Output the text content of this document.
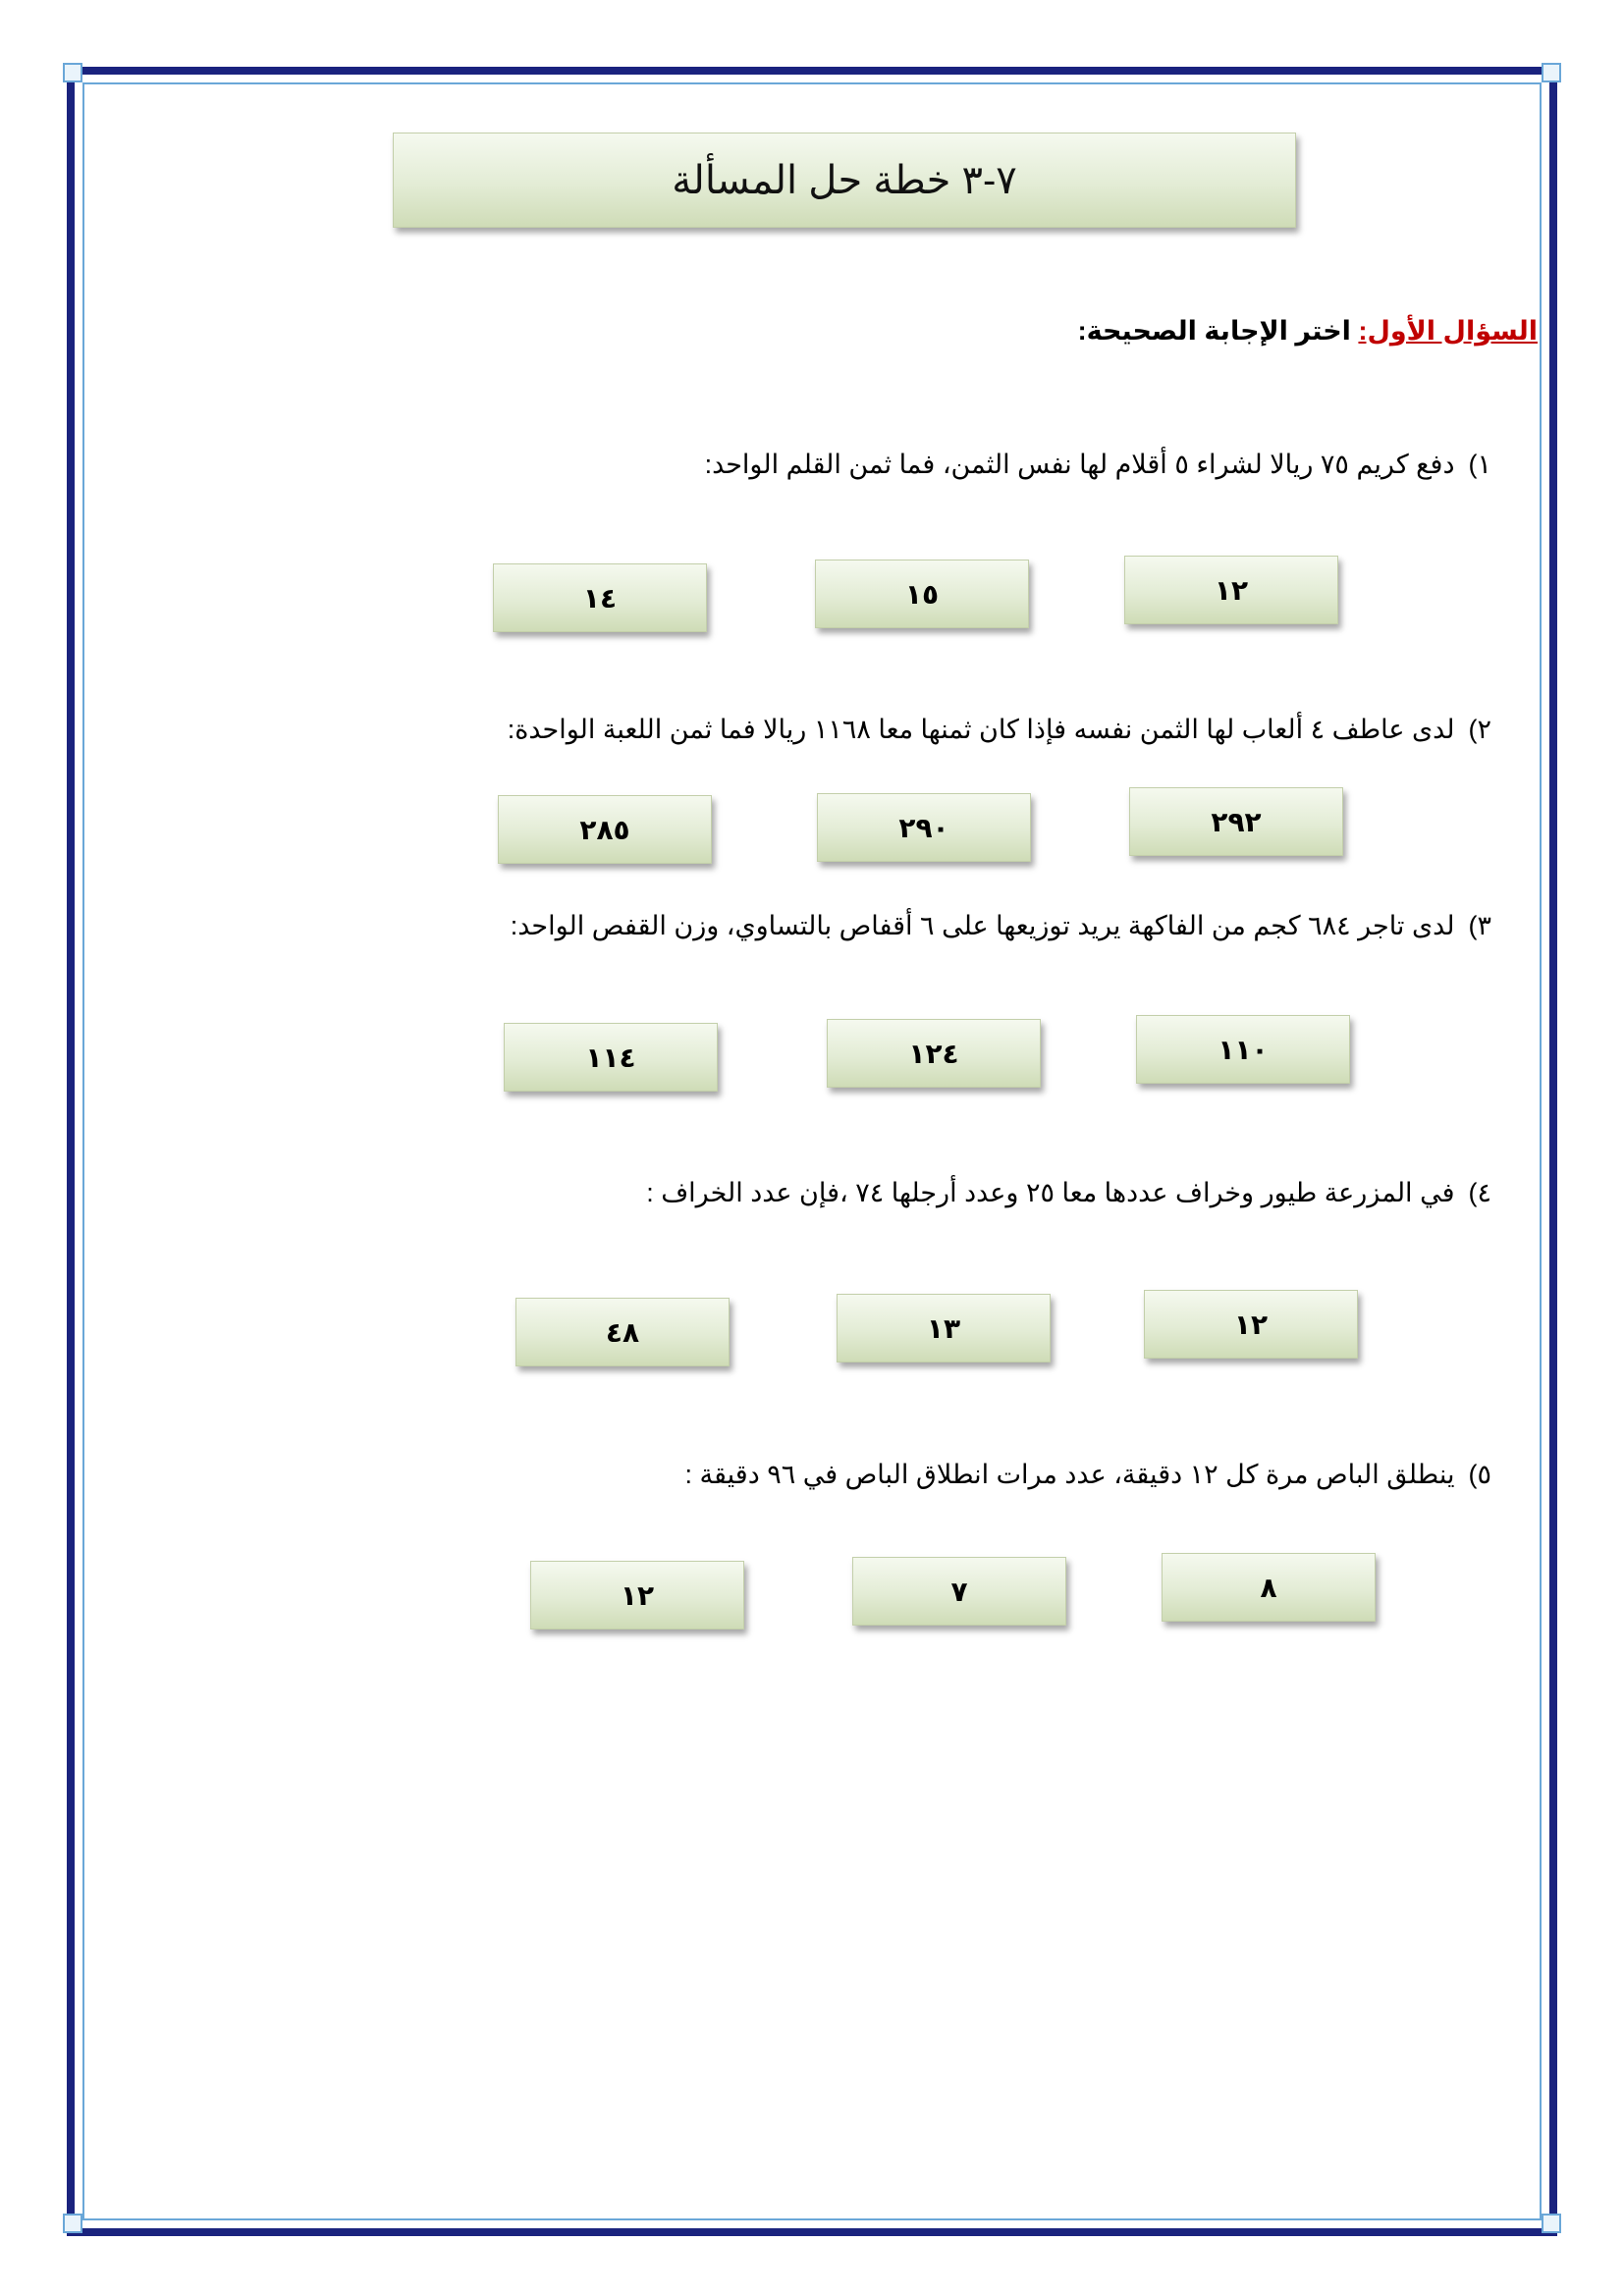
٧-٣ خطة حل المسألة
السؤال الأول: اختر الإجابة الصحيحة:
١)دفع كريم ٧٥ ريالا لشراء ٥ أقلام لها نفس الثمن، فما ثمن القلم الواحد:
١٢
١٥
١٤
٢)لدى عاطف ٤ ألعاب لها الثمن نفسه فإذا كان ثمنها معا ١١٦٨ ريالا فما ثمن اللعبة الواحدة:
٢٩٢
٢٩٠
٢٨٥
٣)لدى تاجر ٦٨٤ كجم من الفاكهة يريد توزيعها على ٦ أقفاص بالتساوي، وزن القفص الواحد:
١١٠
١٢٤
١١٤
٤)في المزرعة طيور وخراف عددها معا ٢٥ وعدد أرجلها ٧٤ ،فإن عدد الخراف :
١٢
١٣
٤٨
٥)ينطلق الباص مرة كل ١٢ دقيقة، عدد مرات انطلاق الباص في ٩٦ دقيقة :
٨
٧
١٢
